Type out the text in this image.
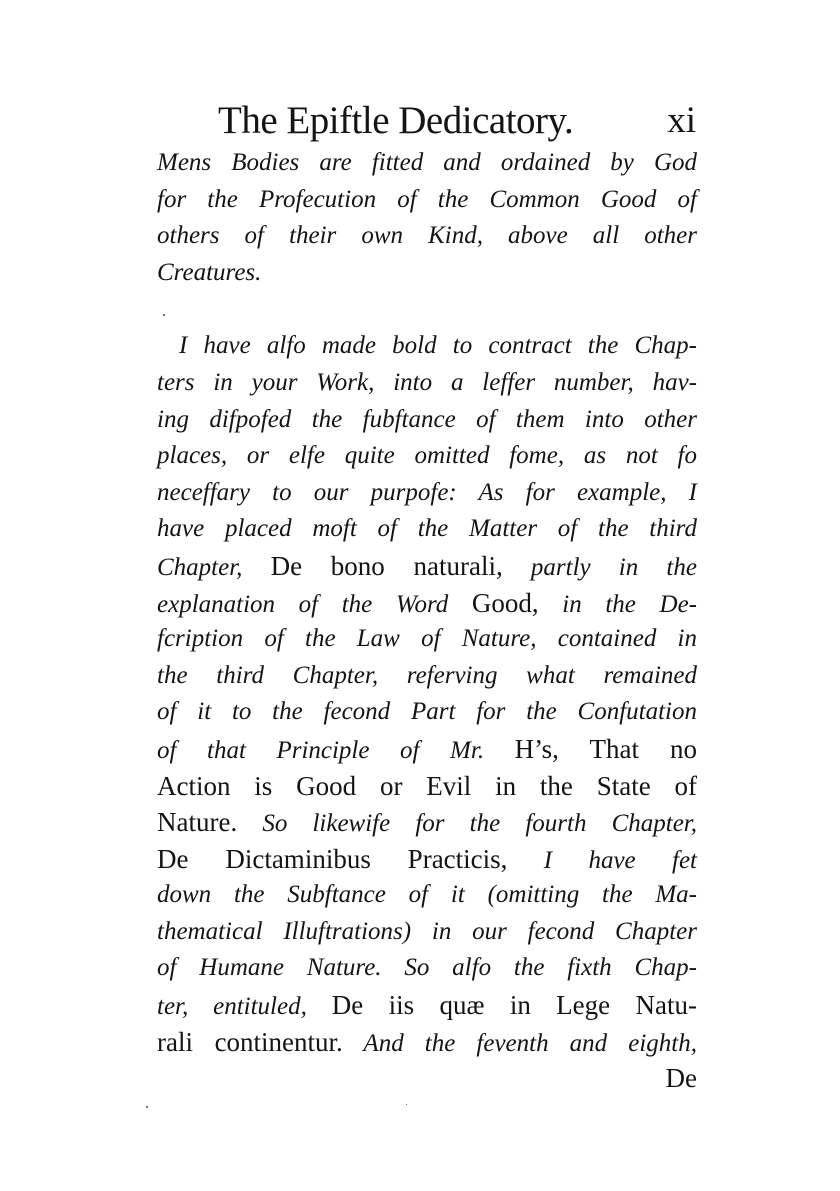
The Epiftle Dedicatory.	xi
Mens Bodies are fitted and ordained by God
for the Profecution of the Common Good of
others of their own Kind, above all other
Creatures.
I have alfo made bold to contract the Chap-
ters in your Work, into a leffer number, hav-
ing difpofed the fubftance of them into other
places, or elfe quite omitted fome, as not fo
neceffary to our purpofe: As for example, I
have placed moft of the Matter of the third
Chapter, De bono naturali, partly in the
explanation of the Word Good, in the De-
fcription of the Law of Nature, contained in
the third Chapter, referving what remained
of it to the fecond Part for the Confutation
of that Principle of Mr. H’s, That no
Action is Good or Evil in the State of
Nature. So likewife for the fourth Chapter,
De Dictaminibus Practicis, I have fet
down the Subftance of it (omitting the Ma-
thematical Illuftrations) in our fecond Chapter
of Humane Nature. So alfo the fixth Chap-
ter, entituled, De iis quæ in Lege Natu-
rali continentur. And the feventh and eighth,
De
